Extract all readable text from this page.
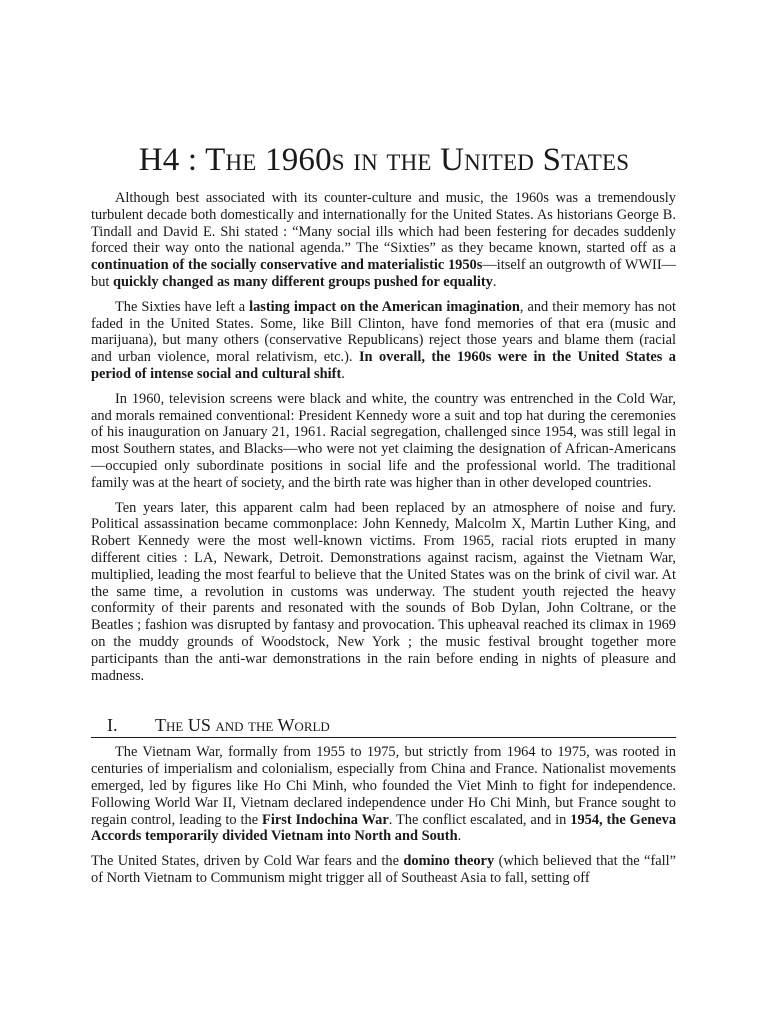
H4 : The 1960s in the United States

Although best associated with its counter-culture and music, the 1960s was a tremendously turbulent decade both domestically and internationally for the United States. As historians George B. Tindall and David E. Shi stated : “Many social ills which had been festering for decades suddenly forced their way onto the national agenda.” The “Sixties” as they became known, started off as a continuation of the socially conservative and materialistic 1950s—itself an outgrowth of WWII—but quickly changed as many different groups pushed for equality.

The Sixties have left a lasting impact on the American imagination, and their memory has not faded in the United States. Some, like Bill Clinton, have fond memories of that era (music and marijuana), but many others (conservative Republicans) reject those years and blame them (racial and urban violence, moral relativism, etc.). In overall, the 1960s were in the United States a period of intense social and cultural shift.

In 1960, television screens were black and white, the country was entrenched in the Cold War, and morals remained conventional: President Kennedy wore a suit and top hat during the ceremonies of his inauguration on January 21, 1961. Racial segregation, challenged since 1954, was still legal in most Southern states, and Blacks—who were not yet claiming the designation of African-Americans—occupied only subordinate positions in social life and the professional world. The traditional family was at the heart of society, and the birth rate was higher than in other developed countries.

Ten years later, this apparent calm had been replaced by an atmosphere of noise and fury. Political assassination became commonplace: John Kennedy, Malcolm X, Martin Luther King, and Robert Kennedy were the most well-known victims. From 1965, racial riots erupted in many different cities : LA, Newark, Detroit. Demonstrations against racism, against the Vietnam War, multiplied, leading the most fearful to believe that the United States was on the brink of civil war. At the same time, a revolution in customs was underway. The student youth rejected the heavy conformity of their parents and resonated with the sounds of Bob Dylan, John Coltrane, or the Beatles ; fashion was disrupted by fantasy and provocation. This upheaval reached its climax in 1969 on the muddy grounds of Woodstock, New York ; the music festival brought together more participants than the anti-war demonstrations in the rain before ending in nights of pleasure and madness.

I.	The US and the World

The Vietnam War, formally from 1955 to 1975, but strictly from 1964 to 1975, was rooted in centuries of imperialism and colonialism, especially from China and France. Nationalist movements emerged, led by figures like Ho Chi Minh, who founded the Viet Minh to fight for independence. Following World War II, Vietnam declared independence under Ho Chi Minh, but France sought to regain control, leading to the First Indochina War. The conflict escalated, and in 1954, the Geneva Accords temporarily divided Vietnam into North and South.

The United States, driven by Cold War fears and the domino theory (which believed that the “fall” of North Vietnam to Communism might trigger all of Southeast Asia to fall, setting off
